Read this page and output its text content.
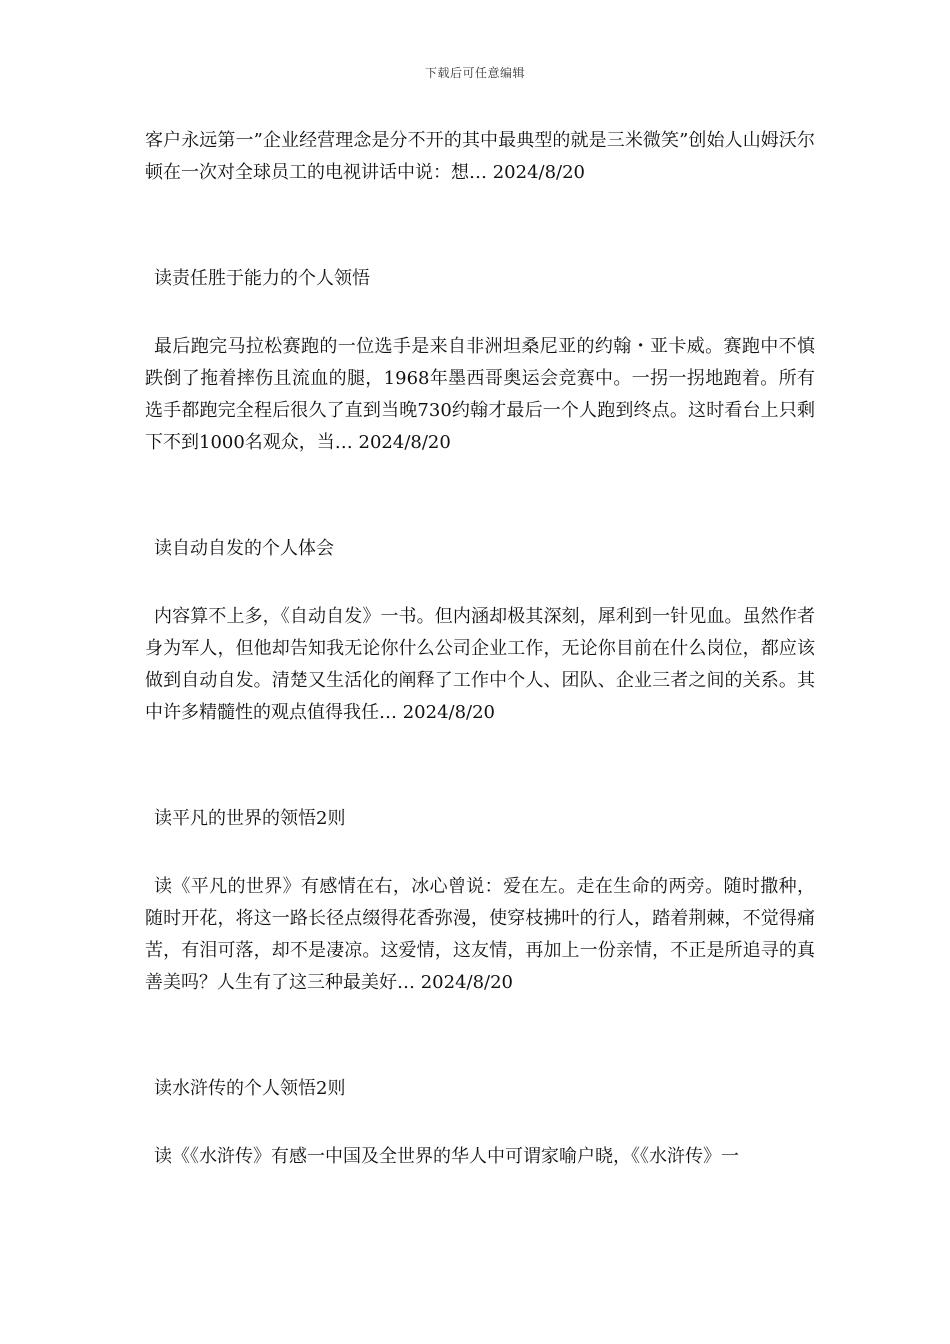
下载后可任意编辑

客户永远第一”企业经营理念是分不开的其中最典型的就是三米微笑”创始人山姆沃尔顿在一次对全球员工的电视讲话中说：想… 2024/8/20

读责任胜于能力的个人领悟

最后跑完马拉松赛跑的一位选手是来自非洲坦桑尼亚的约翰・亚卡威。赛跑中不慎跌倒了拖着摔伤且流血的腿，1968年墨西哥奥运会竞赛中。一拐一拐地跑着。所有选手都跑完全程后很久了直到当晚730约翰才最后一个人跑到终点。这时看台上只剩下不到1000名观众，当… 2024/8/20

读自动自发的个人体会

内容算不上多，《自动自发》一书。但内涵却极其深刻，犀利到一针见血。虽然作者身为军人，但他却告知我无论你什么公司企业工作，无论你目前在什么岗位，都应该做到自动自发。清楚又生活化的阐释了工作中个人、团队、企业三者之间的关系。其中许多精髓性的观点值得我任… 2024/8/20

读平凡的世界的领悟2则

读《平凡的世界》有感情在右，冰心曾说：爱在左。走在生命的两旁。随时撒种，随时开花，将这一路长径点缀得花香弥漫，使穿枝拂叶的行人，踏着荆棘，不觉得痛苦，有泪可落，却不是凄凉。这爱情，这友情，再加上一份亲情，不正是所追寻的真善美吗？人生有了这三种最美好… 2024/8/20

读水浒传的个人领悟2则

读《《水浒传》有感一中国及全世界的华人中可谓家喻户晓，《《水浒传》一
